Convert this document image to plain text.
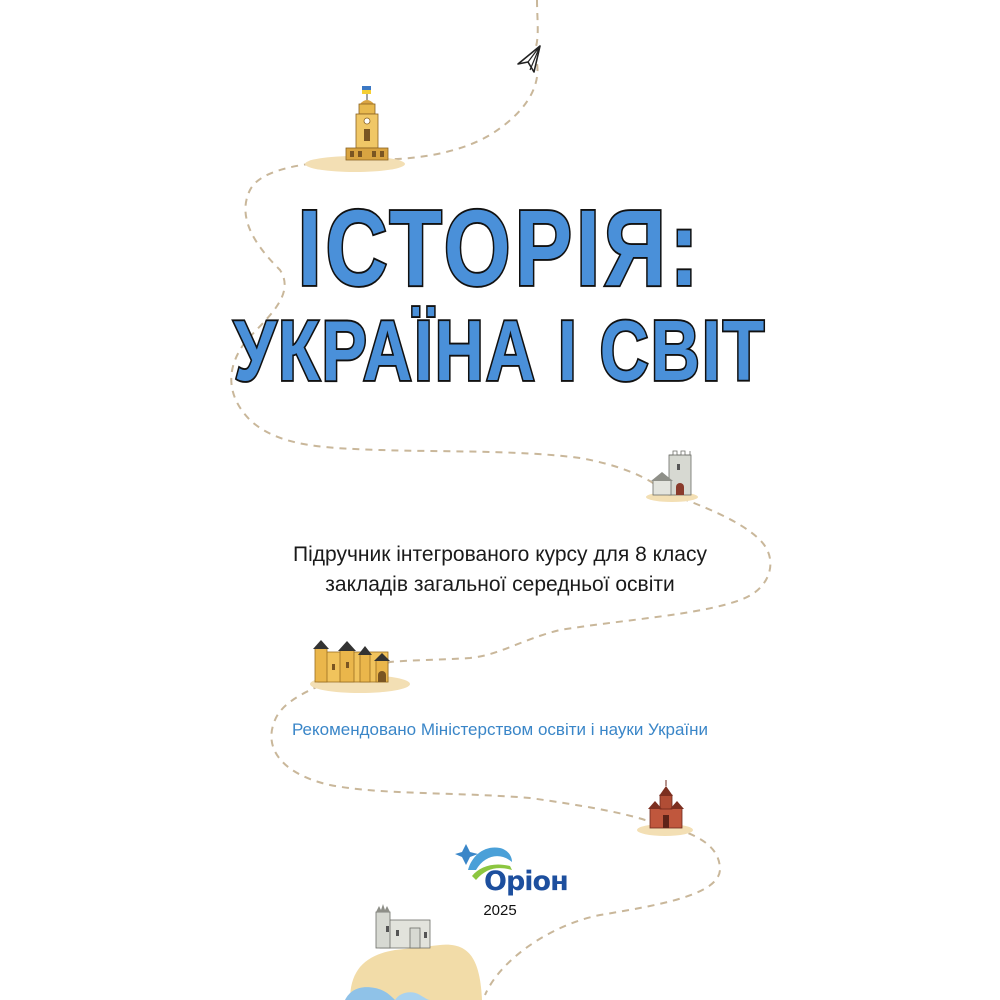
ІСТОРІЯ:
УКРАЇНА І СВІТ
Підручник інтегрованого курсу для 8 класу
закладів загальної середньої освіти
Рекомендовано Міністерством освіти і науки України
Оріон
2025
